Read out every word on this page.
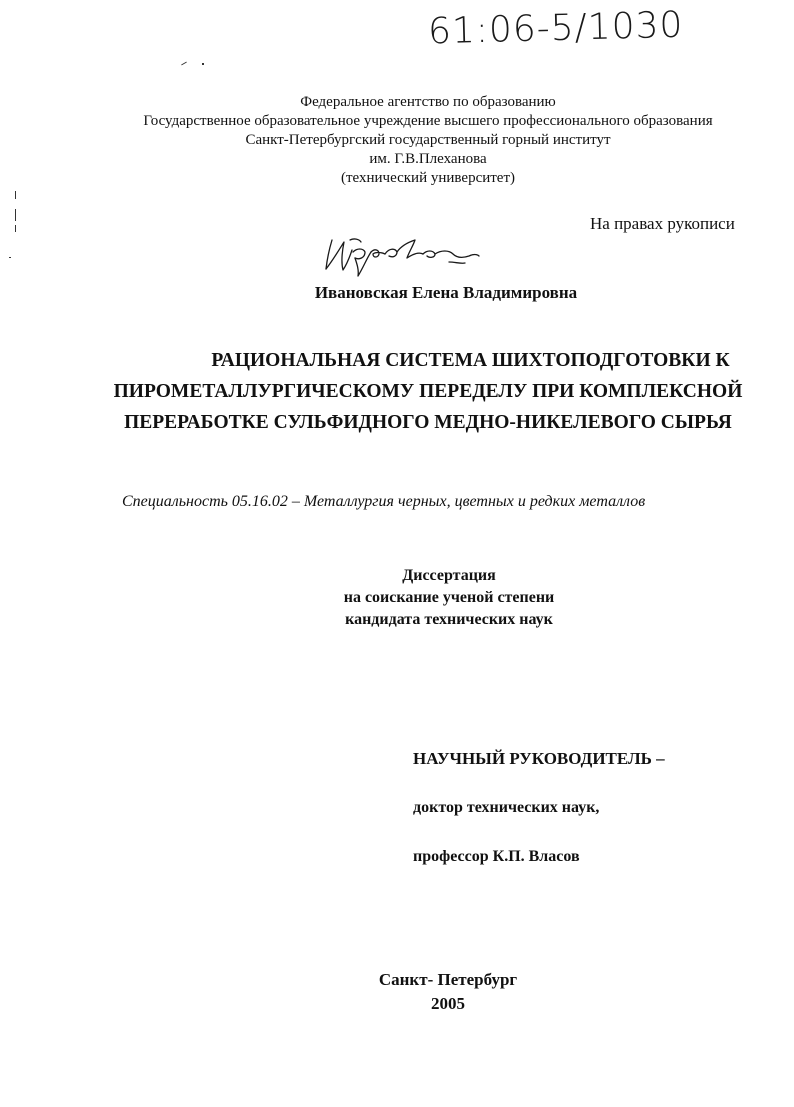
61:06-5/1030
Федеральное агентство по образованию
Государственное образовательное учреждение высшего профессионального образования
Санкт-Петербургский государственный горный институт
им. Г.В.Плеханова
(технический университет)
На правах рукописи
Ивановская Елена Владимировна
РАЦИОНАЛЬНАЯ СИСТЕМА ШИХТОПОДГОТОВКИ К
ПИРОМЕТАЛЛУРГИЧЕСКОМУ ПЕРЕДЕЛУ ПРИ КОМПЛЕКСНОЙ
ПЕРЕРАБОТКЕ СУЛЬФИДНОГО МЕДНО-НИКЕЛЕВОГО СЫРЬЯ
Специальность 05.16.02 – Металлургия черных, цветных и редких металлов
Диссертация
на соискание ученой степени
кандидата технических наук
НАУЧНЫЙ РУКОВОДИТЕЛЬ –
доктор технических наук,
профессор К.П. Власов
Санкт- Петербург
2005
